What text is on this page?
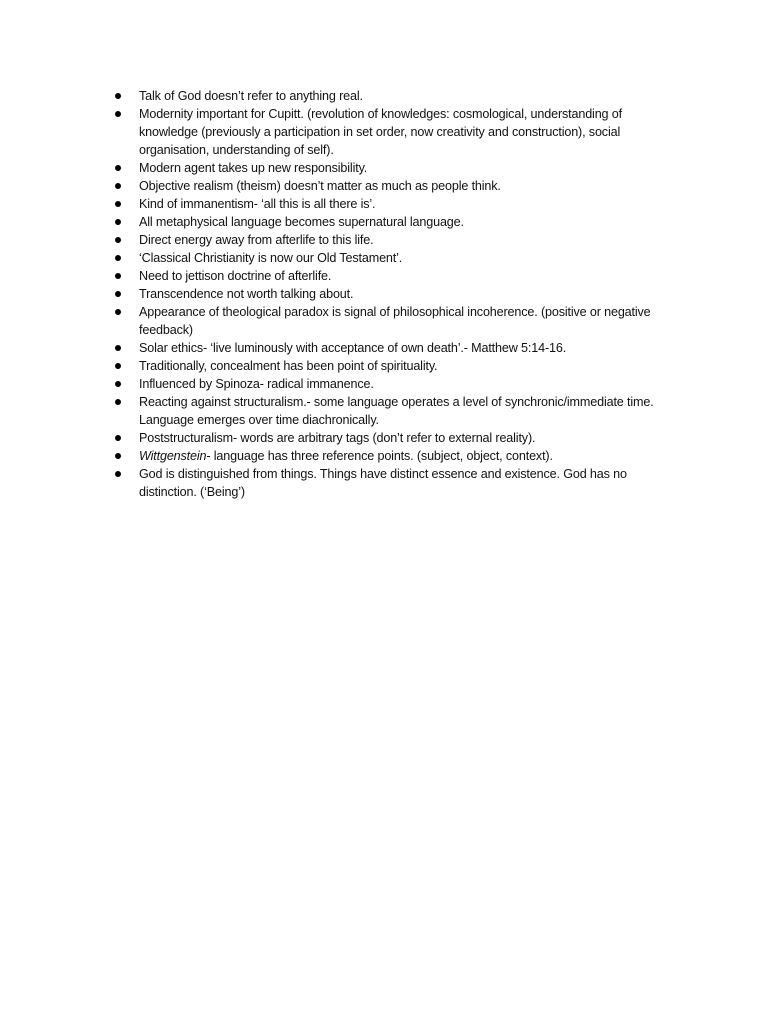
Talk of God doesn’t refer to anything real.
Modernity important for Cupitt. (revolution of knowledges: cosmological, understanding of knowledge (previously a participation in set order, now creativity and construction), social organisation, understanding of self).
Modern agent takes up new responsibility.
Objective realism (theism) doesn’t matter as much as people think.
Kind of immanentism- ‘all this is all there is’.
All metaphysical language becomes supernatural language.
Direct energy away from afterlife to this life.
‘Classical Christianity is now our Old Testament’.
Need to jettison doctrine of afterlife.
Transcendence not worth talking about.
Appearance of theological paradox is signal of philosophical incoherence. (positive or negative feedback)
Solar ethics- ‘live luminously with acceptance of own death’.- Matthew 5:14-16.
Traditionally, concealment has been point of spirituality.
Influenced by Spinoza- radical immanence.
Reacting against structuralism.- some language operates a level of synchronic/immediate time. Language emerges over time diachronically.
Poststructuralism- words are arbitrary tags (don’t refer to external reality).
Wittgenstein- language has three reference points. (subject, object, context).
God is distinguished from things. Things have distinct essence and existence. God has no distinction. (‘Being’)
